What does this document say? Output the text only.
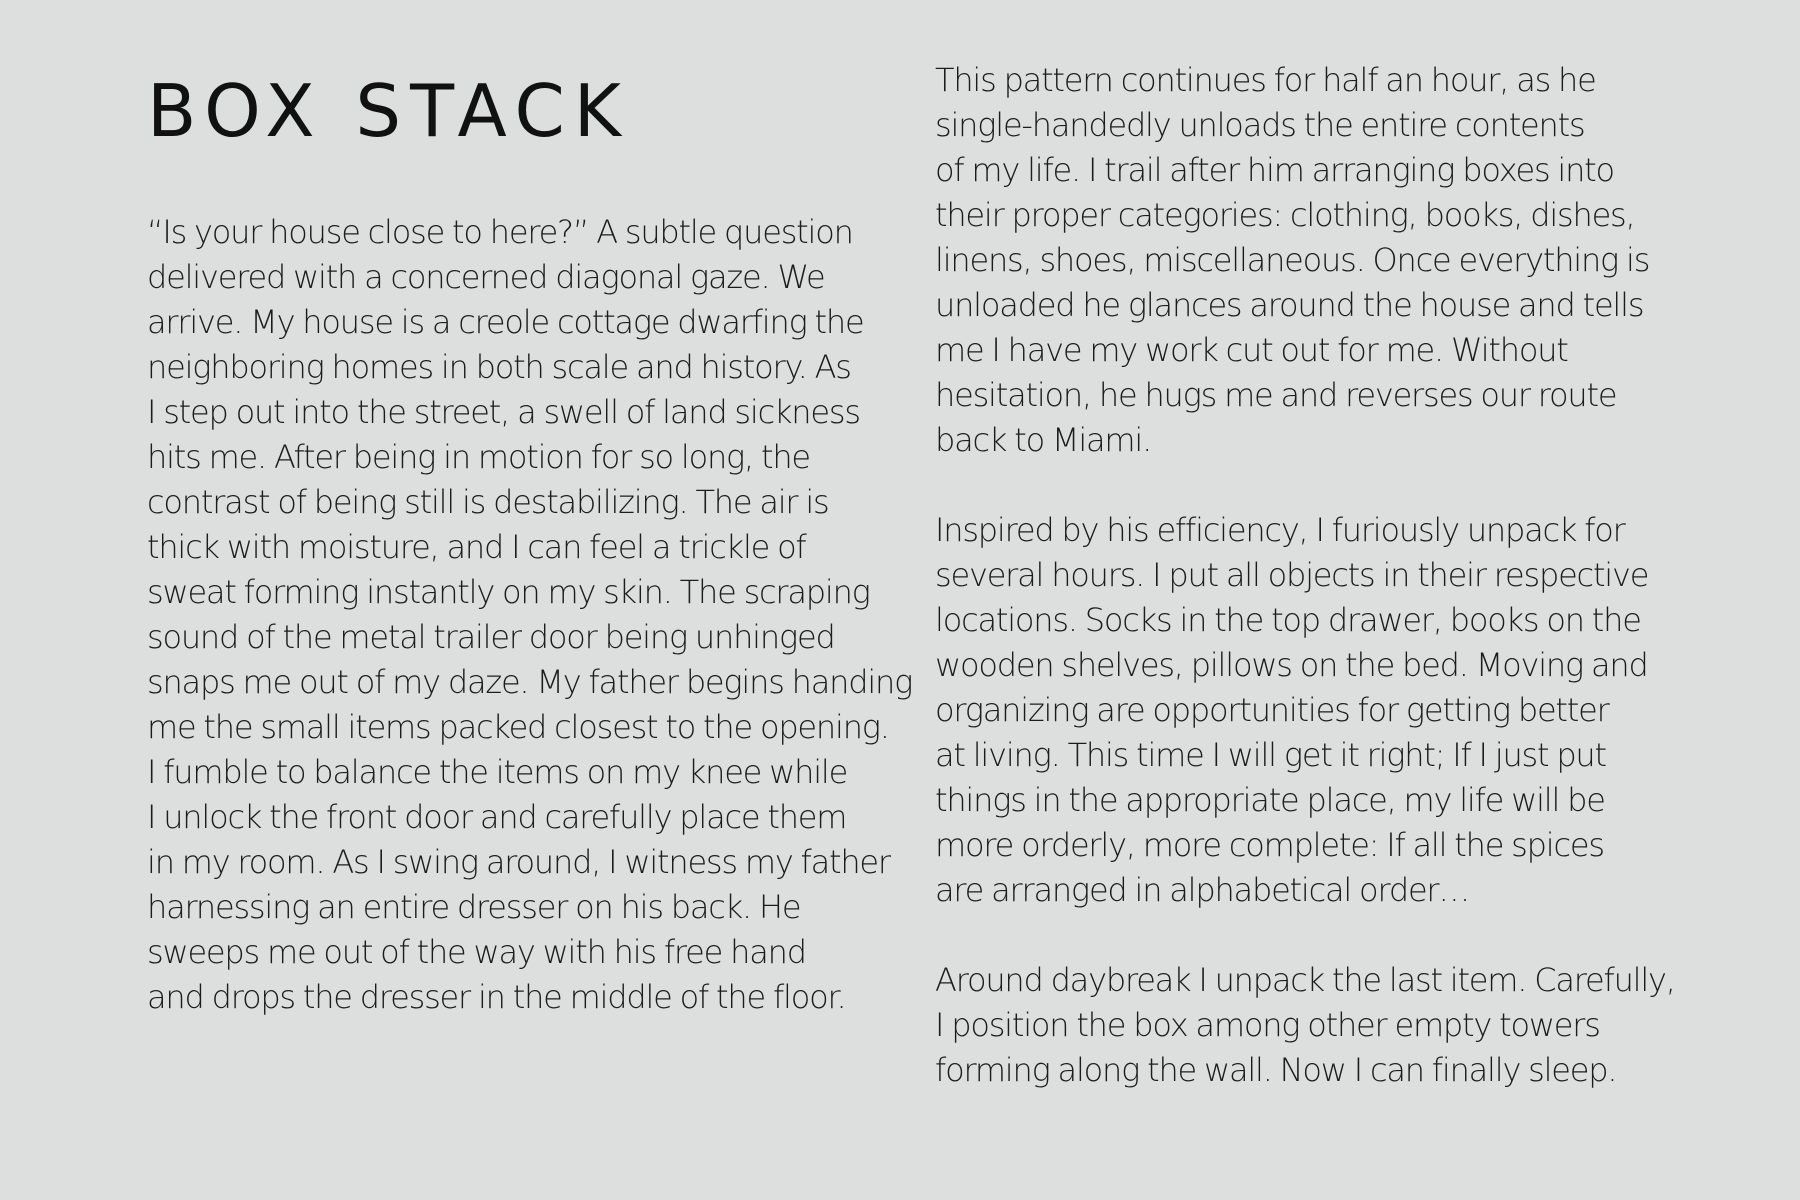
BOX STACK

“Is your house close to here?” A subtle question
delivered with a concerned diagonal gaze. We
arrive. My house is a creole cottage dwarfing the
neighboring homes in both scale and history. As
I step out into the street, a swell of land sickness
hits me. After being in motion for so long, the
contrast of being still is destabilizing. The air is
thick with moisture, and I can feel a trickle of
sweat forming instantly on my skin. The scraping
sound of the metal trailer door being unhinged
snaps me out of my daze. My father begins handing
me the small items packed closest to the opening.
I fumble to balance the items on my knee while
I unlock the front door and carefully place them
in my room. As I swing around, I witness my father
harnessing an entire dresser on his back. He
sweeps me out of the way with his free hand
and drops the dresser in the middle of the floor.

This pattern continues for half an hour, as he
single-handedly unloads the entire contents
of my life. I trail after him arranging boxes into
their proper categories: clothing, books, dishes,
linens, shoes, miscellaneous. Once everything is
unloaded he glances around the house and tells
me I have my work cut out for me. Without
hesitation, he hugs me and reverses our route
back to Miami.

Inspired by his efficiency, I furiously unpack for
several hours. I put all objects in their respective
locations. Socks in the top drawer, books on the
wooden shelves, pillows on the bed. Moving and
organizing are opportunities for getting better
at living. This time I will get it right; If I just put
things in the appropriate place, my life will be
more orderly, more complete: If all the spices
are arranged in alphabetical order…

Around daybreak I unpack the last item. Carefully,
I position the box among other empty towers
forming along the wall. Now I can finally sleep.
